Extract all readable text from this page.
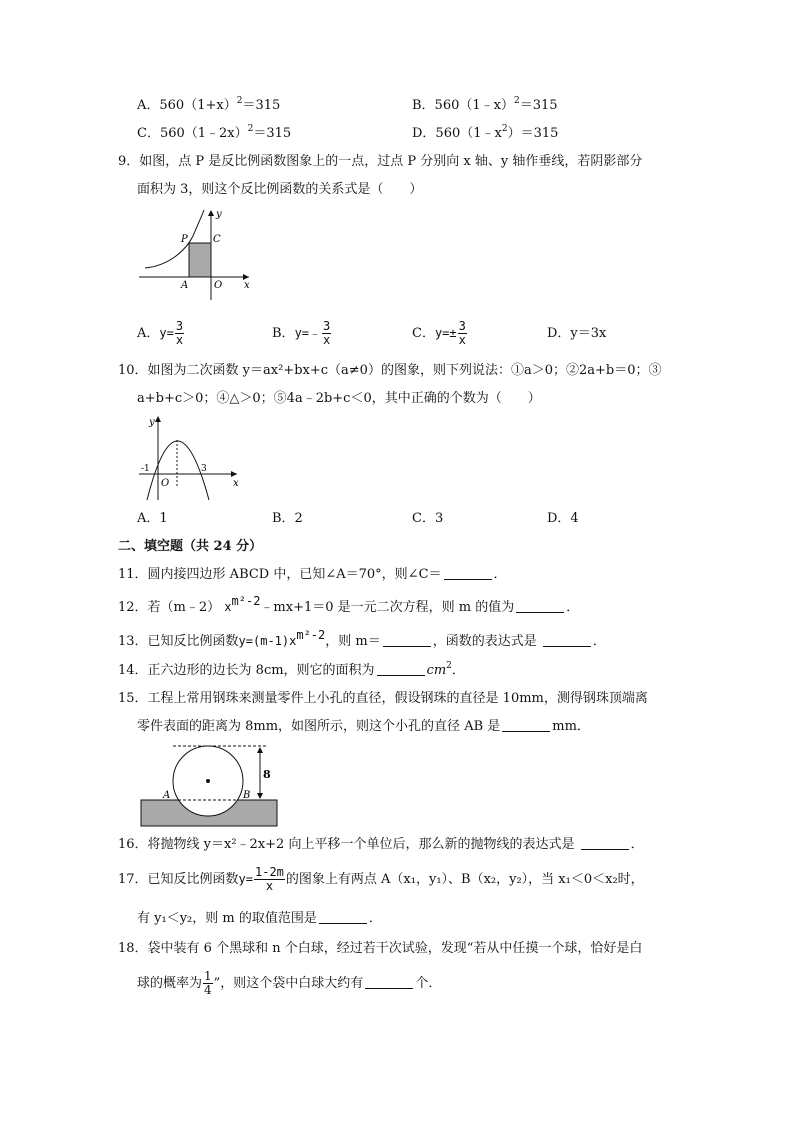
A．$560(1+x)^2=315$	B．560（1﹣x）$^2$＝315
C．560（1﹣2x）$^2$＝315	D．$560(1﹣x^2)=315$
9．如图，点 P 是反比例函数图象上的一点，过点 P 分别向 x 轴、y 轴作垂线，若阴影部分
面积为 3，则这个反比例函数的关系式是（　　）
P	C
A	O x
y
A．$y= \frac{3}{x}$	B．y=﹣ $\frac{3}{x}$	C．$y=\pm \frac{3}{x}$	D．y＝3x
10．如图为二次函数 y＝ax²+bx+c（a≠0）的图象，则下列说法：①a＞0；②2a+b＝0；③
a+b+c＞0；④△＞0；⑤4a﹣2b+c＜0，其中正确的个数为（　　）
-1
O
3
x
y
A．1	B．2	C．3	D．4
二、填空题（共 24 分）
11．圆内接四边形 ABCD 中，已知∠A＝70°，则∠C＝	．
12．若（m﹣2） $x^{m^2-2}﹣mx+1=0$ 是一元二次方程，则 m 的值为	．
13．已知反比例函数$y=(m-1)x^{m^2-2}$，则 m＝	，函数的表达式是	．
14．正六边形的边长为 8cm，则它的面积为	$cm^2$．
15．工程上常用钢珠来测量零件上小孔的直径，假设钢珠的直径是 10mm，测得钢珠顶端离
零件表面的距离为 8mm，如图所示，则这个小孔的直径 AB 是	mm．
8
A	B
16．将抛物线 y＝x²﹣2x+2 向上平移一个单位后，那么新的抛物线的表达式是	．
17．已知反比例函数$y= \frac{1-2m}{x}$ 的图象上有两点 A（x₁，y₁）、B（x₂，y₂），当 x₁＜0＜x₂时，
有 y₁＜y₂，则 m 的取值范围是	．
18．袋中装有 6 个黑球和 n 个白球，经过若干次试验，发现“若从中任摸一个球，恰好是白
球的概率为 $\frac{1}{4}$ ”，则这个袋中白球大约有	个．
